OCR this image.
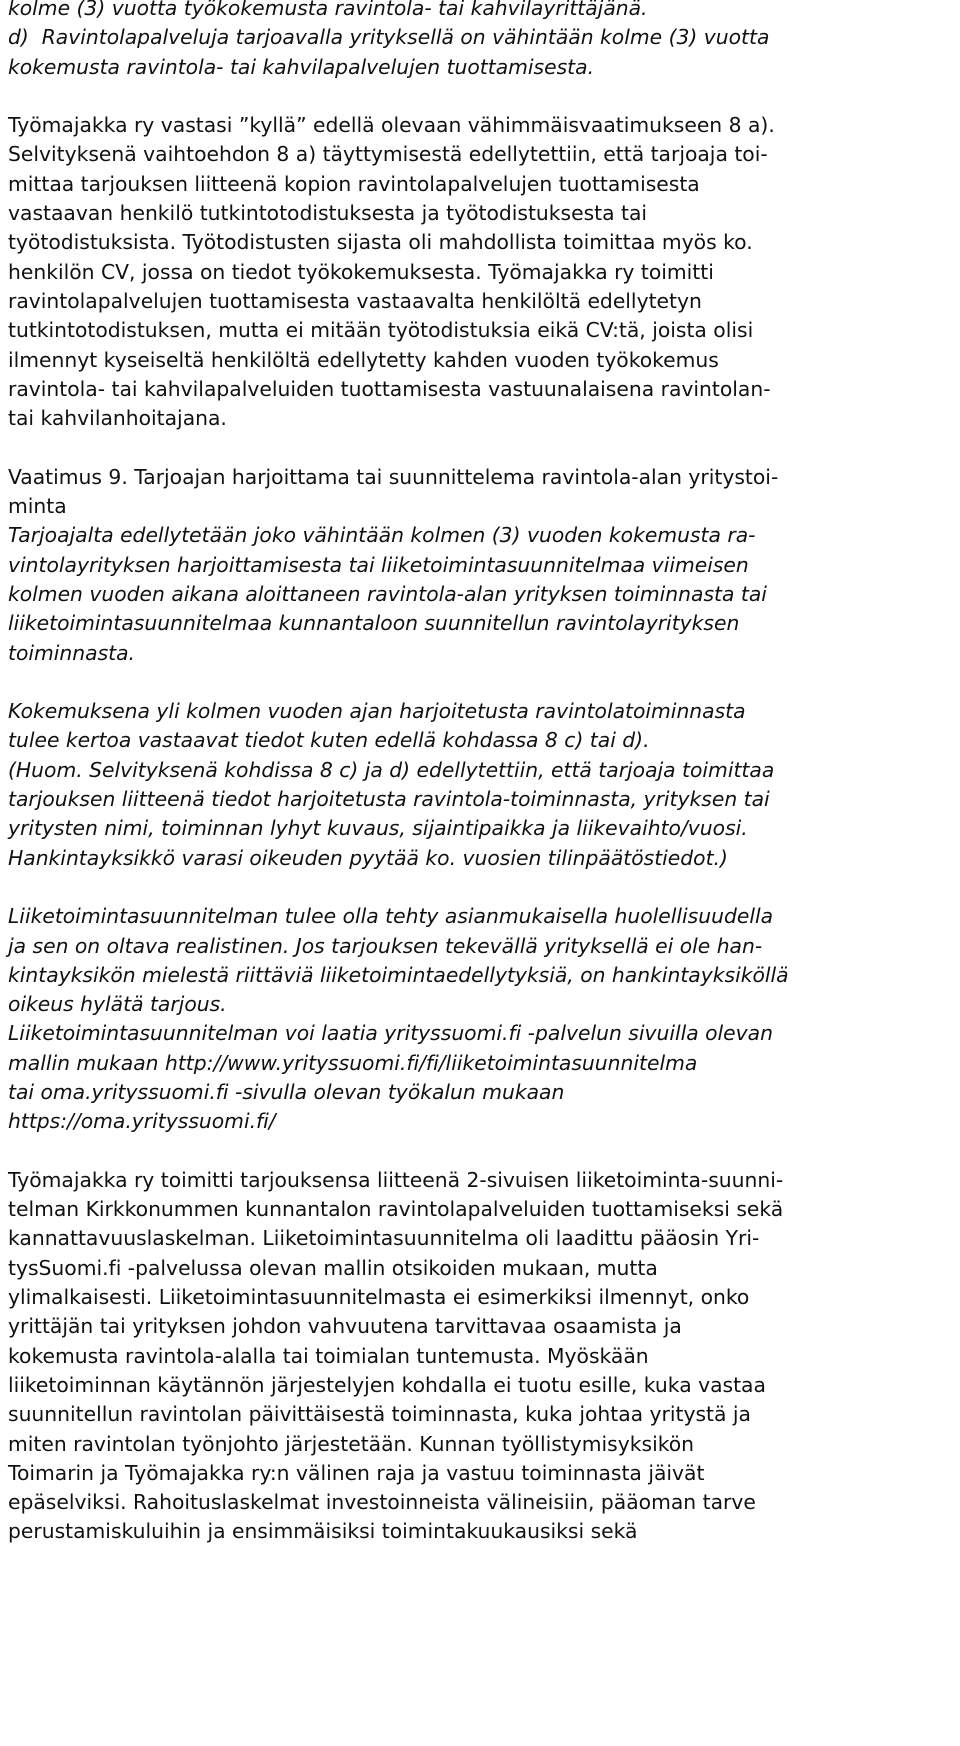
kolme (3) vuotta työkokemusta ravintola- tai kahvilayrittäjänä.
d)  Ravintolapalveluja tarjoavalla yrityksellä on vähintään kolme (3) vuotta
kokemusta ravintola- tai kahvilapalvelujen tuottamisesta.
Työmajakka ry vastasi ”kyllä” edellä olevaan vähimmäisvaatimukseen 8 a).
Selvityksenä vaihtoehdon 8 a) täyttymisestä edellytettiin, että tarjoaja toi-
mittaa tarjouksen liitteenä kopion ravintolapalvelujen tuottamisesta
vastaavan henkilö tutkintotodistuksesta ja työtodistuksesta tai
työtodistuksista. Työtodistusten sijasta oli mahdollista toimittaa myös ko.
henkilön CV, jossa on tiedot työkokemuksesta. Työmajakka ry toimitti
ravintolapalvelujen tuottamisesta vastaavalta henkilöltä edellytetyn
tutkintotodistuksen, mutta ei mitään työtodistuksia eikä CV:tä, joista olisi
ilmennyt kyseiseltä henkilöltä edellytetty kahden vuoden työkokemus
ravintola- tai kahvilapalveluiden tuottamisesta vastuunalaisena ravintolan-
tai kahvilanhoitajana.
Vaatimus 9. Tarjoajan harjoittama tai suunnittelema ravintola-alan yritystoi-
minta
Tarjoajalta edellytetään joko vähintään kolmen (3) vuoden kokemusta ra-
vintolayrityksen harjoittamisesta tai liiketoimintasuunnitelmaa viimeisen
kolmen vuoden aikana aloittaneen ravintola-alan yrityksen toiminnasta tai
liiketoimintasuunnitelmaa kunnantaloon suunnitellun ravintolayrityksen
toiminnasta.
Kokemuksena yli kolmen vuoden ajan harjoitetusta ravintolatoiminnasta
tulee kertoa vastaavat tiedot kuten edellä kohdassa 8 c) tai d).
(Huom. Selvityksenä kohdissa 8 c) ja d) edellytettiin, että tarjoaja toimittaa
tarjouksen liitteenä tiedot harjoitetusta ravintola-toiminnasta, yrityksen tai
yritysten nimi, toiminnan lyhyt kuvaus, sijaintipaikka ja liikevaihto/vuosi.
Hankintayksikkö varasi oikeuden pyytää ko. vuosien tilinpäätöstiedot.)
Liiketoimintasuunnitelman tulee olla tehty asianmukaisella huolellisuudella
ja sen on oltava realistinen. Jos tarjouksen tekevällä yrityksellä ei ole han-
kintayksikön mielestä riittäviä liiketoimintaedellytyksiä, on hankintayksiköllä
oikeus hylätä tarjous.
Liiketoimintasuunnitelman voi laatia yrityssuomi.fi -palvelun sivuilla olevan
mallin mukaan http://www.yrityssuomi.fi/fi/liiketoimintasuunnitelma
tai oma.yrityssuomi.fi -sivulla olevan työkalun mukaan
https://oma.yrityssuomi.fi/
Työmajakka ry toimitti tarjouksensa liitteenä 2-sivuisen liiketoiminta-suunni-
telman Kirkkonummen kunnantalon ravintolapalveluiden tuottamiseksi sekä
kannattavuuslaskelman. Liiketoimintasuunnitelma oli laadittu pääosin Yri-
tysSuomi.fi -palvelussa olevan mallin otsikoiden mukaan, mutta
ylimalkaisesti. Liiketoimintasuunnitelmasta ei esimerkiksi ilmennyt, onko
yrittäjän tai yrityksen johdon vahvuutena tarvittavaa osaamista ja
kokemusta ravintola-alalla tai toimialan tuntemusta. Myöskään
liiketoiminnan käytännön järjestelyjen kohdalla ei tuotu esille, kuka vastaa
suunnitellun ravintolan päivittäisestä toiminnasta, kuka johtaa yritystä ja
miten ravintolan työnjohto järjestetään. Kunnan työllistymisyksikön
Toimarin ja Työmajakka ry:n välinen raja ja vastuu toiminnasta jäivät
epäselviksi. Rahoituslaskelmat investoinneista välineisiin, pääoman tarve
perustamiskuluihin ja ensimmäisiksi toimintakuukausiksi sekä
